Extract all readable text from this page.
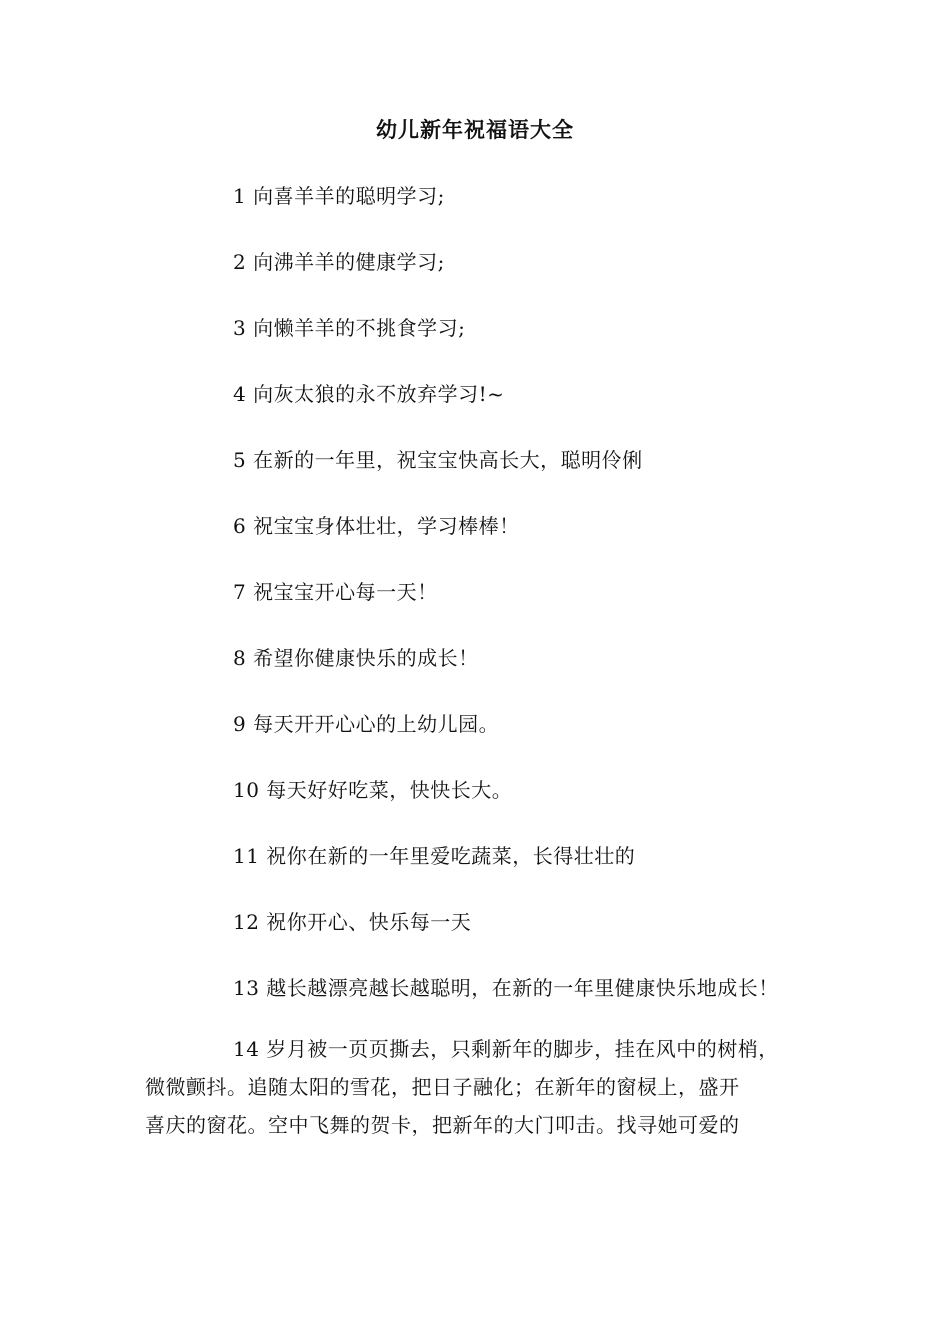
幼儿新年祝福语大全
1 向喜羊羊的聪明学习;
2 向沸羊羊的健康学习;
3 向懒羊羊的不挑食学习;
4 向灰太狼的永不放弃学习!~
5 在新的一年里，祝宝宝快高长大，聪明伶俐
6 祝宝宝身体壮壮，学习棒棒！
7 祝宝宝开心每一天！
8 希望你健康快乐的成长！
9 每天开开心心的上幼儿园。
10 每天好好吃菜，快快长大。
11 祝你在新的一年里爱吃蔬菜，长得壮壮的
12 祝你开心、快乐每一天
13 越长越漂亮越长越聪明，在新的一年里健康快乐地成长！
14 岁月被一页页撕去，只剩新年的脚步，挂在风中的树梢，
微微颤抖。追随太阳的雪花，把日子融化；在新年的窗棂上，盛开
喜庆的窗花。空中飞舞的贺卡，把新年的大门叩击。找寻她可爱的
